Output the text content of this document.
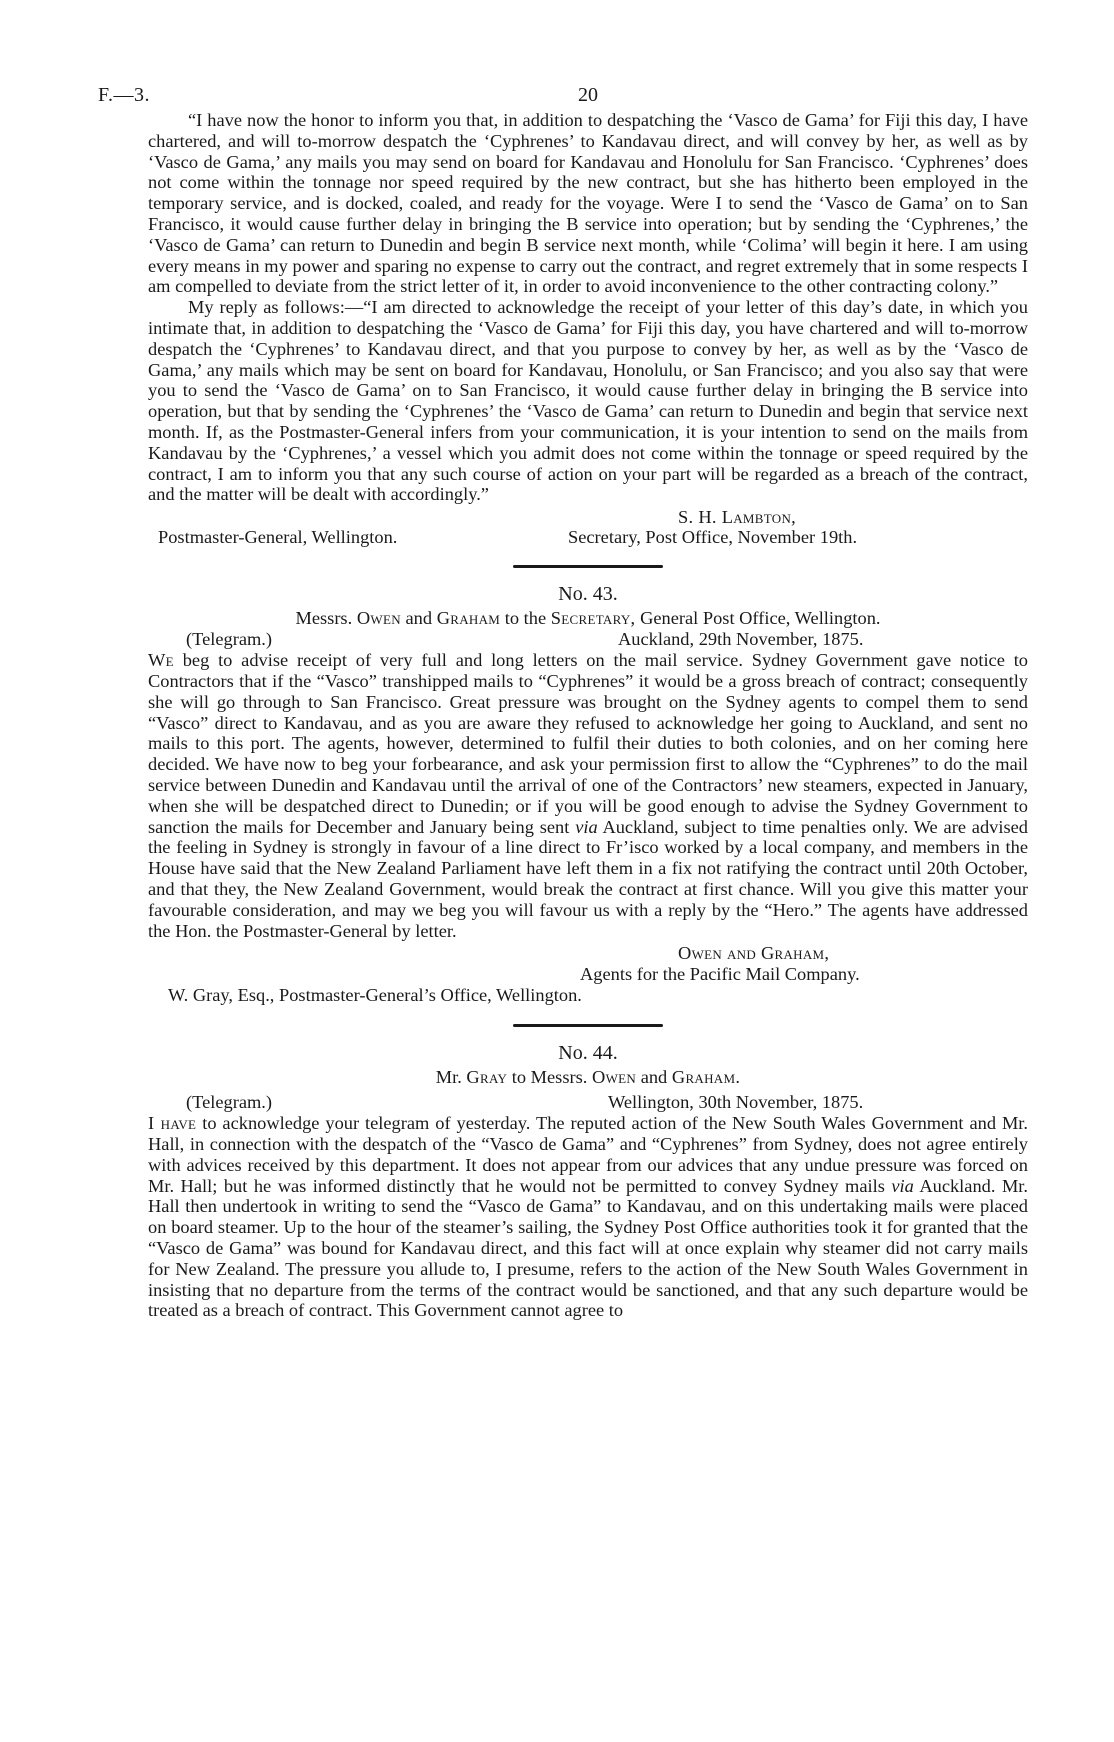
F.—3.	20

“I have now the honor to inform you that, in addition to despatching the ‘Vasco de Gama’ for Fiji this day, I have chartered, and will to-morrow despatch the ‘Cyphrenes’ to Kandavau direct, and will convey by her, as well as by ‘Vasco de Gama,’ any mails you may send on board for Kandavau and Honolulu for San Francisco. ‘Cyphrenes’ does not come within the tonnage nor speed required by the new contract, but she has hitherto been employed in the temporary service, and is docked, coaled, and ready for the voyage. Were I to send the ‘Vasco de Gama’ on to San Francisco, it would cause further delay in bringing the B service into operation; but by sending the ‘Cyphrenes,’ the ‘Vasco de Gama’ can return to Dunedin and begin B service next month, while ‘Colima’ will begin it here. I am using every means in my power and sparing no expense to carry out the contract, and regret extremely that in some respects I am compelled to deviate from the strict letter of it, in order to avoid inconvenience to the other contracting colony.”

My reply as follows:—“I am directed to acknowledge the receipt of your letter of this day’s date, in which you intimate that, in addition to despatching the ‘Vasco de Gama’ for Fiji this day, you have chartered and will to-morrow despatch the ‘Cyphrenes’ to Kandavau direct, and that you purpose to convey by her, as well as by the ‘Vasco de Gama,’ any mails which may be sent on board for Kandavau, Honolulu, or San Francisco; and you also say that were you to send the ‘Vasco de Gama’ on to San Francisco, it would cause further delay in bringing the B service into operation, but that by sending the ‘Cyphrenes’ the ‘Vasco de Gama’ can return to Dunedin and begin that service next month. If, as the Postmaster-General infers from your communication, it is your intention to send on the mails from Kandavau by the ‘Cyphrenes,’ a vessel which you admit does not come within the tonnage or speed required by the contract, I am to inform you that any such course of action on your part will be regarded as a breach of the contract, and the matter will be dealt with accordingly.”

S. H. Lambton,
Postmaster-General, Wellington.	Secretary, Post Office, November 19th.
No. 43.
Messrs. Owen and Graham to the Secretary, General Post Office, Wellington.
(Telegram.)	Auckland, 29th November, 1875.

We beg to advise receipt of very full and long letters on the mail service. Sydney Government gave notice to Contractors that if the “Vasco” transhipped mails to “Cyphrenes” it would be a gross breach of contract; consequently she will go through to San Francisco. Great pressure was brought on the Sydney agents to compel them to send “Vasco” direct to Kandavau, and as you are aware they refused to acknowledge her going to Auckland, and sent no mails to this port. The agents, however, determined to fulfil their duties to both colonies, and on her coming here decided. We have now to beg your forbearance, and ask your permission first to allow the “Cyphrenes” to do the mail service between Dunedin and Kandavau until the arrival of one of the Contractors’ new steamers, expected in January, when she will be despatched direct to Dunedin; or if you will be good enough to advise the Sydney Government to sanction the mails for December and January being sent via Auckland, subject to time penalties only. We are advised the feeling in Sydney is strongly in favour of a line direct to Fr’isco worked by a local company, and members in the House have said that the New Zealand Parliament have left them in a fix not ratifying the contract until 20th October, and that they, the New Zealand Government, would break the contract at first chance. Will you give this matter your favourable consideration, and may we beg you will favour us with a reply by the “Hero.” The agents have addressed the Hon. the Postmaster-General by letter.

Owen and Graham,
Agents for the Pacific Mail Company.
W. Gray, Esq., Postmaster-General’s Office, Wellington.
No. 44.
Mr. Gray to Messrs. Owen and Graham.
(Telegram.)	Wellington, 30th November, 1875.

I have to acknowledge your telegram of yesterday. The reputed action of the New South Wales Government and Mr. Hall, in connection with the despatch of the “Vasco de Gama” and “Cyphrenes” from Sydney, does not agree entirely with advices received by this department. It does not appear from our advices that any undue pressure was forced on Mr. Hall; but he was informed distinctly that he would not be permitted to convey Sydney mails via Auckland. Mr. Hall then undertook in writing to send the “Vasco de Gama” to Kandavau, and on this undertaking mails were placed on board steamer. Up to the hour of the steamer’s sailing, the Sydney Post Office authorities took it for granted that the “Vasco de Gama” was bound for Kandavau direct, and this fact will at once explain why steamer did not carry mails for New Zealand. The pressure you allude to, I presume, refers to the action of the New South Wales Government in insisting that no departure from the terms of the contract would be sanctioned, and that any such departure would be treated as a breach of contract. This Government cannot agree to
